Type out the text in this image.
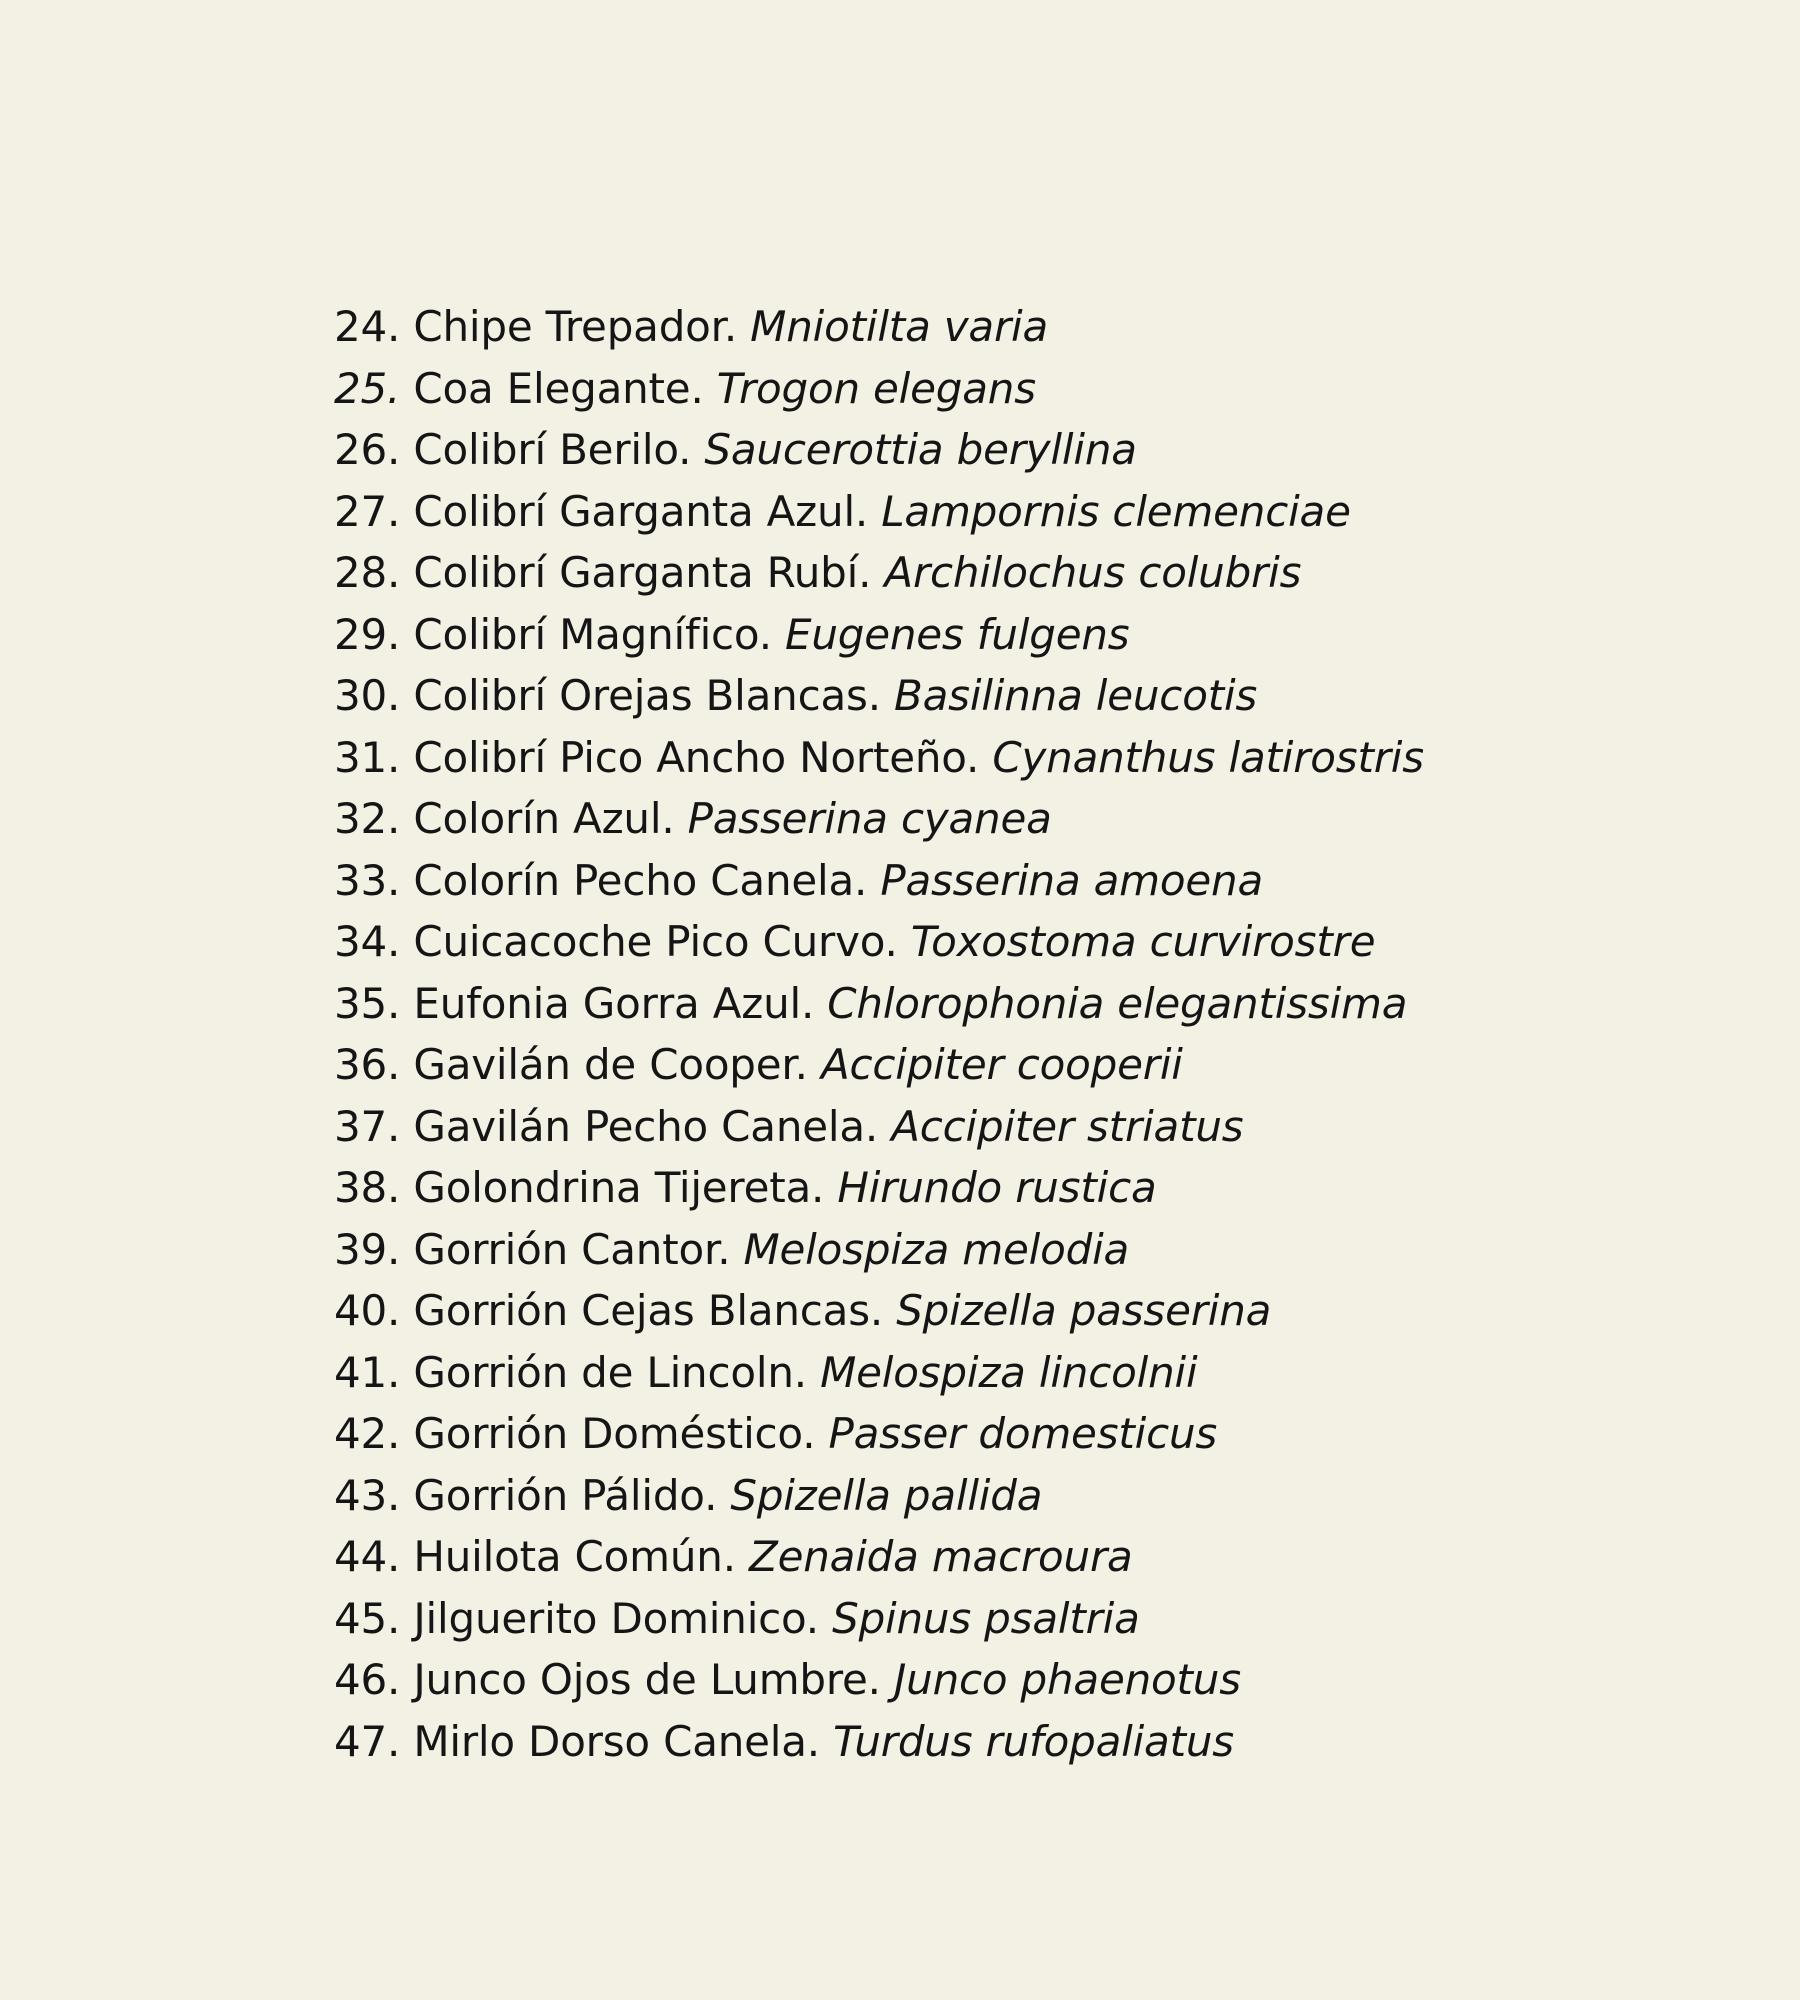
24. Chipe Trepador. Mniotilta varia
25. Coa Elegante. Trogon elegans
26. Colibrí Berilo. Saucerottia beryllina
27. Colibrí Garganta Azul. Lampornis clemenciae
28. Colibrí Garganta Rubí. Archilochus colubris
29. Colibrí Magnífico. Eugenes fulgens
30. Colibrí Orejas Blancas. Basilinna leucotis
31. Colibrí Pico Ancho Norteño. Cynanthus latirostris
32. Colorín Azul. Passerina cyanea
33. Colorín Pecho Canela. Passerina amoena
34. Cuicacoche Pico Curvo. Toxostoma curvirostre
35. Eufonia Gorra Azul. Chlorophonia elegantissima
36. Gavilán de Cooper. Accipiter cooperii
37. Gavilán Pecho Canela. Accipiter striatus
38. Golondrina Tijereta. Hirundo rustica
39. Gorrión Cantor. Melospiza melodia
40. Gorrión Cejas Blancas. Spizella passerina
41. Gorrión de Lincoln. Melospiza lincolnii
42. Gorrión Doméstico. Passer domesticus
43. Gorrión Pálido. Spizella pallida
44. Huilota Común. Zenaida macroura
45. Jilguerito Dominico. Spinus psaltria
46. Junco Ojos de Lumbre. Junco phaenotus
47. Mirlo Dorso Canela. Turdus rufopaliatus
